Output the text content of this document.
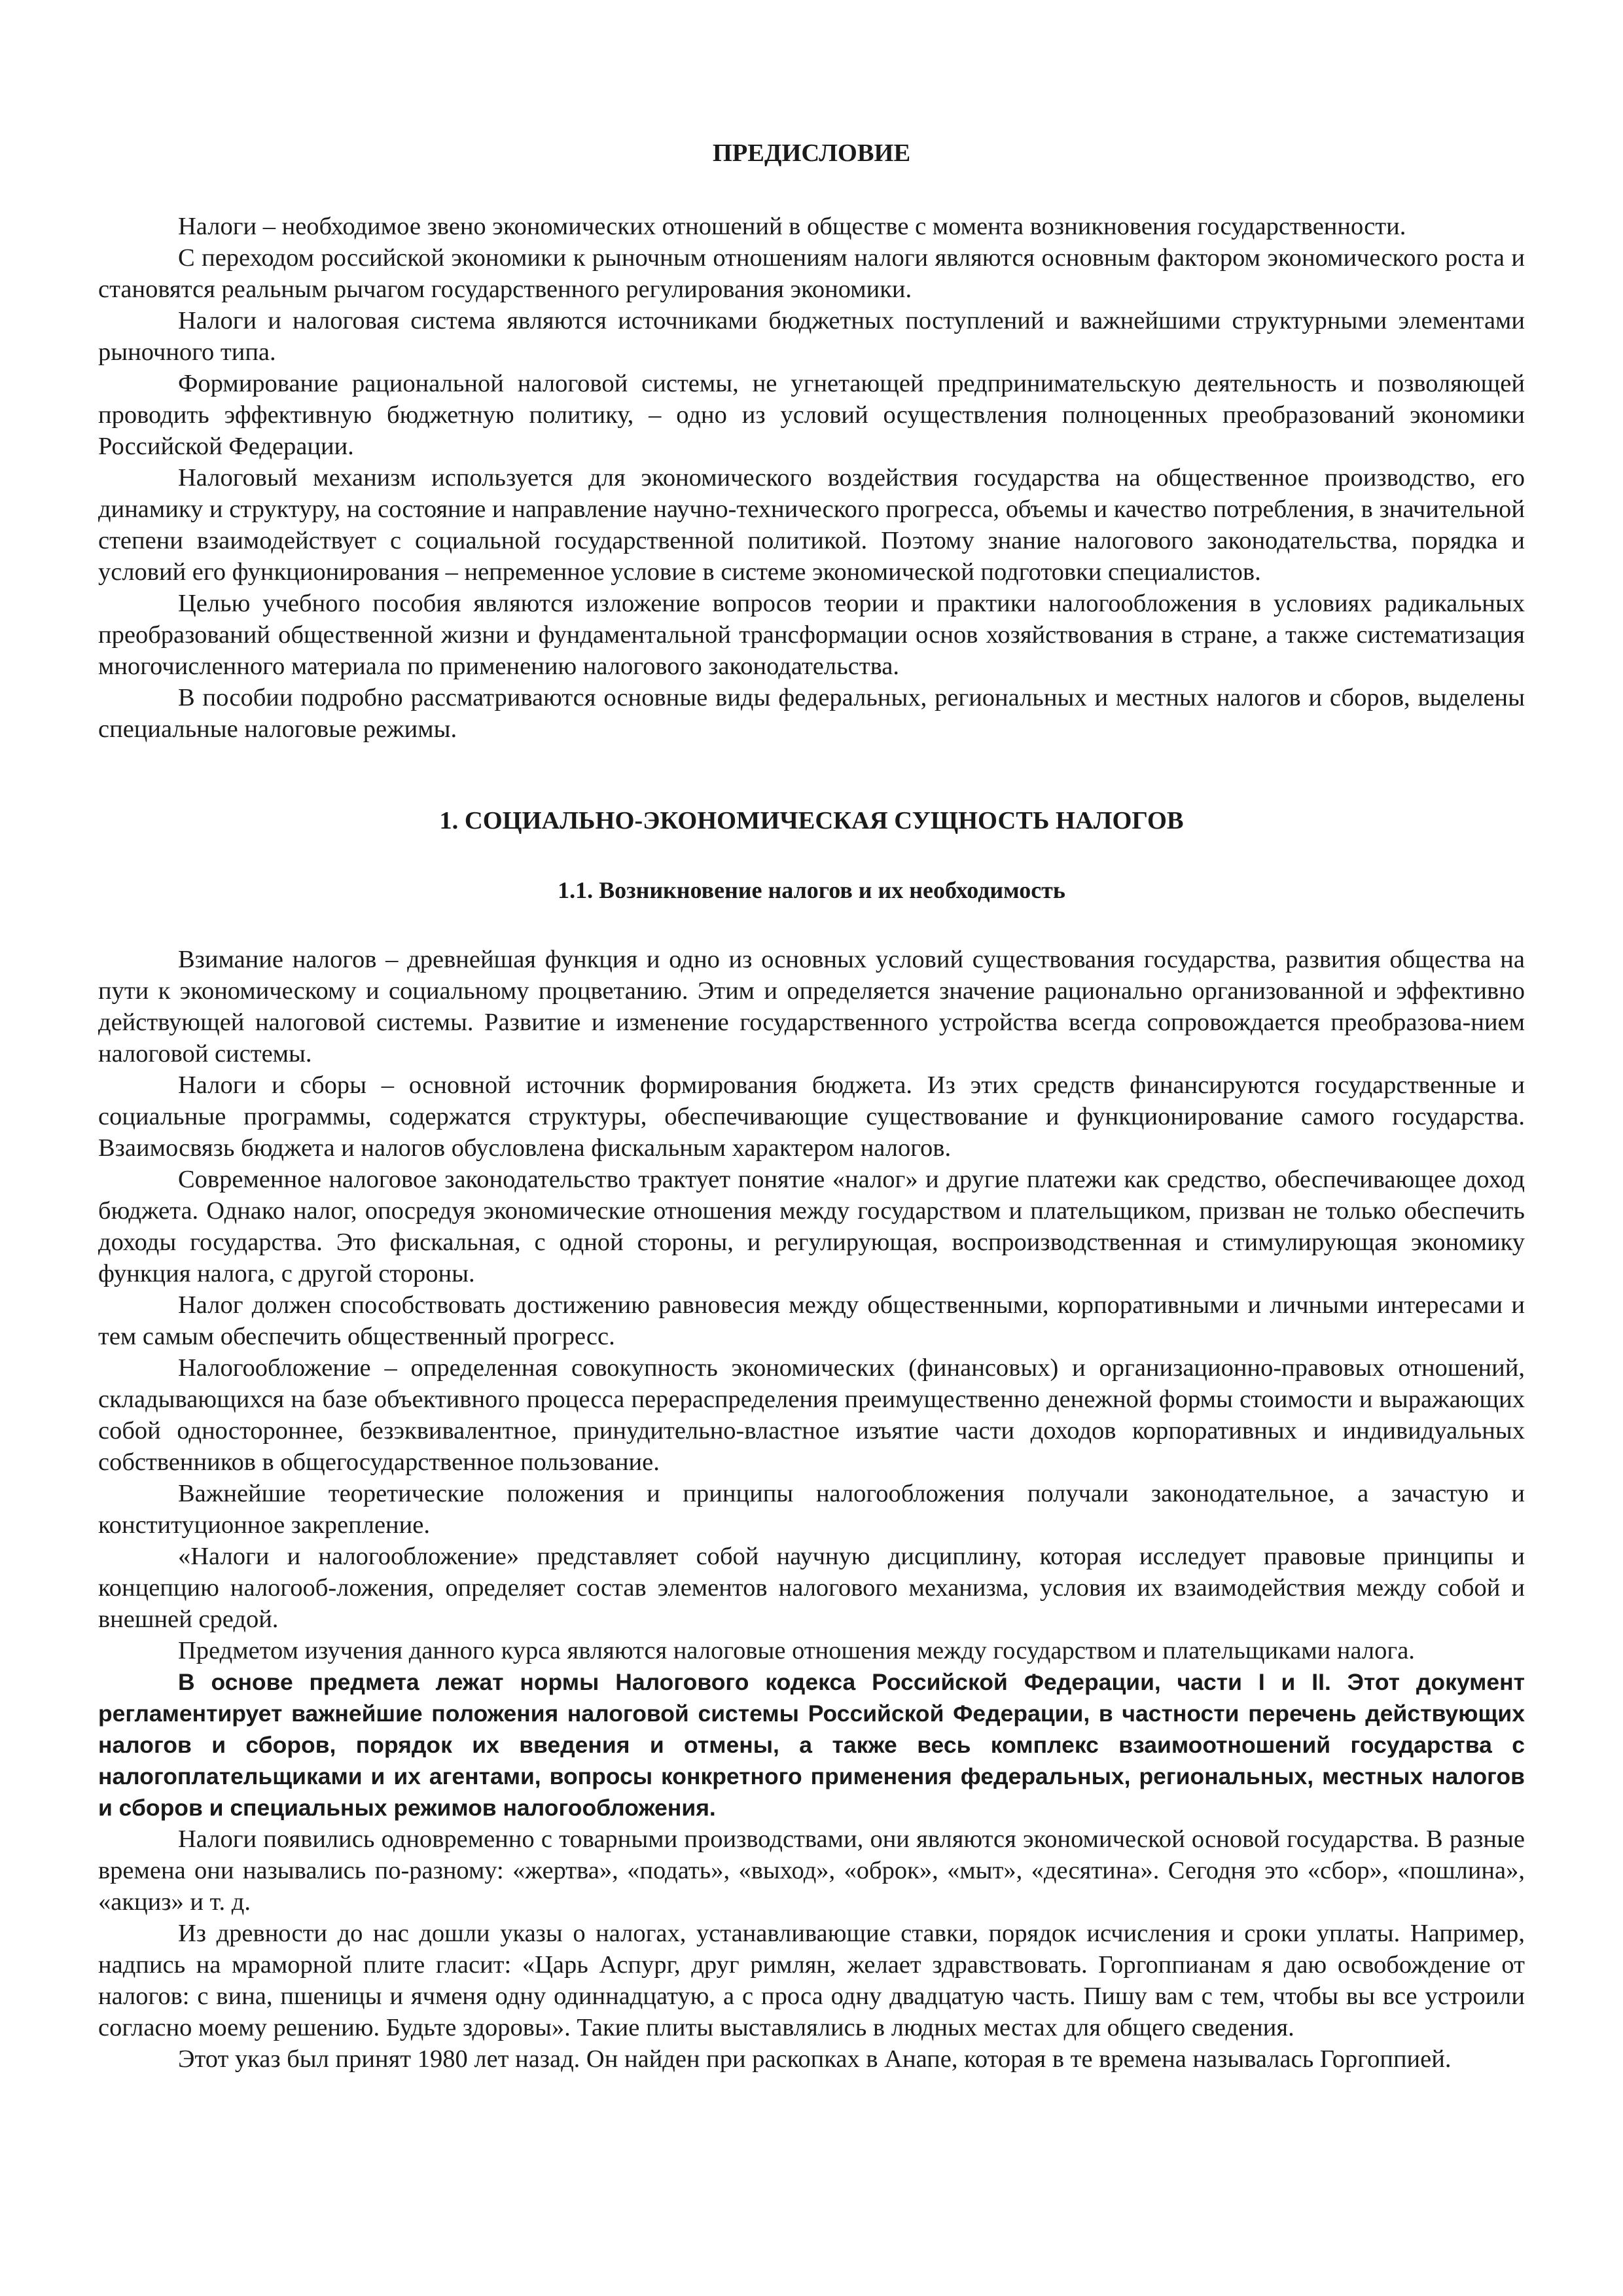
ПРЕДИСЛОВИЕ

Налоги – необходимое звено экономических отношений в обществе с момента возникновения государственности.

С переходом российской экономики к рыночным отношениям налоги являются основным фактором экономического роста и становятся реальным рычагом государственного регулирования экономики.

Налоги и налоговая система являются источниками бюджетных поступлений и важнейшими структурными элементами рыночного типа.

Формирование рациональной налоговой системы, не угнетающей предпринимательскую деятельность и позволяющей проводить эффективную бюджетную политику, – одно из условий осуществления полноценных преобразований экономики Российской Федерации.

Налоговый механизм используется для экономического воздействия государства на общественное производство, его динамику и структуру, на состояние и направление научно-технического прогресса, объемы и качество потребления, в значительной степени взаимодействует с социальной государственной политикой. Поэтому знание налогового законодательства, порядка и условий его функционирования – непременное условие в системе экономической подготовки специалистов.

Целью учебного пособия являются изложение вопросов теории и практики налогообложения в условиях радикальных преобразований общественной жизни и фундаментальной трансформации основ хозяйствования в стране, а также систематизация многочисленного материала по применению налогового законодательства.

В пособии подробно рассматриваются основные виды федеральных, региональных и местных налогов и сборов, выделены специальные налоговые режимы.

1. СОЦИАЛЬНО-ЭКОНОМИЧЕСКАЯ СУЩНОСТЬ НАЛОГОВ
1.1. Возникновение налогов и их необходимость

Взимание налогов – древнейшая функция и одно из основных условий существования государства, развития общества на пути к экономическому и социальному процветанию. Этим и определяется значение рационально организованной и эффективно действующей налоговой системы. Развитие и изменение государственного устройства всегда сопровождается преобразова-нием налоговой системы.

Налоги и сборы – основной источник формирования бюджета. Из этих средств финансируются государственные и социальные программы, содержатся структуры, обеспечивающие существование и функционирование самого государства. Взаимосвязь бюджета и налогов обусловлена фискальным характером налогов.

Современное налоговое законодательство трактует понятие «налог» и другие платежи как средство, обеспечивающее доход бюджета. Однако налог, опосредуя экономические отношения между государством и плательщиком, призван не только обеспечить доходы государства. Это фискальная, с одной стороны, и регулирующая, воспроизводственная и стимулирующая экономику функция налога, с другой стороны.

Налог должен способствовать достижению равновесия между общественными, корпоративными и личными интересами и тем самым обеспечить общественный прогресс.

Налогообложение – определенная совокупность экономических (финансовых) и организационно-правовых отношений, складывающихся на базе объективного процесса перераспределения преимущественно денежной формы стоимости и выражающих собой одностороннее, безэквивалентное, принудительно-властное изъятие части доходов корпоративных и индивидуальных собственников в общегосударственное пользование.

Важнейшие теоретические положения и принципы налогообложения получали законодательное, а зачастую и конституционное закрепление.

«Налоги и налогообложение» представляет собой научную дисциплину, которая исследует правовые принципы и концепцию налогооб-ложения, определяет состав элементов налогового механизма, условия их взаимодействия между собой и внешней средой.

Предметом изучения данного курса являются налоговые отношения между государством и плательщиками налога.

В основе предмета лежат нормы Налогового кодекса Российской Федерации, части I и II. Этот документ регламентирует важнейшие положения налоговой системы Российской Федерации, в частности перечень действующих налогов и сборов, порядок их введения и отмены, а также весь комплекс взаимоотношений государства с налогоплательщиками и их агентами, вопросы конкретного применения федеральных, региональных, местных налогов и сборов и специальных режимов налогообложения.

Налоги появились одновременно с товарными производствами, они являются экономической основой государства. В разные времена они назывались по-разному: «жертва», «подать», «выход», «оброк», «мыт», «десятина». Сегодня это «сбор», «пошлина», «акциз» и т. д.

Из древности до нас дошли указы о налогах, устанавливающие ставки, порядок исчисления и сроки уплаты. Например, надпись на мраморной плите гласит: «Царь Аспург, друг римлян, желает здравствовать. Горгоппианам я даю освобождение от налогов: с вина, пшеницы и ячменя одну одиннадцатую, а с проса одну двадцатую часть. Пишу вам с тем, чтобы вы все устроили согласно моему решению. Будьте здоровы». Такие плиты выставлялись в людных местах для общего сведения.

Этот указ был принят 1980 лет назад. Он найден при раскопках в Анапе, которая в те времена называлась Горгоппией.
